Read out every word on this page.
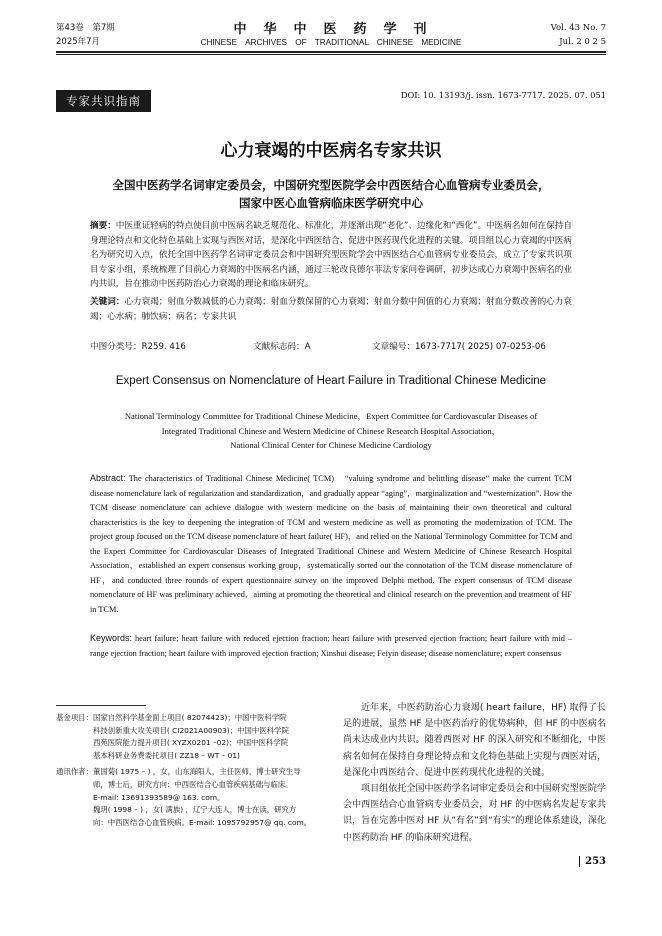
第43卷　第7期
2025年7月
中　华　中　医　药　学　刊
CHINESE　ARCHIVES　OF　TRADITIONAL　CHINESE　MEDICINE
Vol. 43 No. 7
Jul. 2 0 2 5
专家共识指南	DOI: 10. 13193/j. issn. 1673-7717. 2025. 07. 051
心力衰竭的中医病名专家共识
全国中医药学名词审定委员会，中国研究型医院学会中西医结合心血管病专业委员会，
国家中医心血管病临床医学研究中心
摘要：中医重证轻病的特点使目前中医病名缺乏规范化、标准化，并逐渐出现“老化”、边缘化和“西化”。中医病名如何在保持自身理论特点和文化特色基础上实现与西医对话，是深化中西医结合、促进中医药现代化进程的关键。项目组以心力衰竭的中医病名为研究切入点，依托全国中医药学名词审定委员会和中国研究型医院学会中西医结合心血管病专业委员会，成立了专家共识项目专家小组，系统梳理了目前心力衰竭的中医病名内涵，通过三轮改良德尔菲法专家问卷调研，初步达成心力衰竭中医病名的业内共识，旨在推动中医药防治心力衰竭的理论和临床研究。
关键词：心力衰竭；射血分数减低的心力衰竭；射血分数保留的心力衰竭；射血分数中间值的心力衰竭；射血分数改善的心力衰竭；心水病；肺饮病；病名；专家共识
中图分类号：R259. 416	文献标志码：A	文章编号：1673-7717( 2025) 07-0253-06
Expert Consensus on Nomenclature of Heart Failure in Traditional Chinese Medicine
National Terminology Committee for Traditional Chinese Medicine，Expert Committee for Cardiovascular Diseases of
Integrated Traditional Chinese and Western Medicine of Chinese Research Hospital Association，
National Clinical Center for Chinese Medicine Cardiology
Abstract: The characteristics of Traditional Chinese Medicine( TCM)　“valuing syndrome and belittling disease” make the current TCM disease nomenclature lack of regularization and standardization，and gradually appear “aging”，marginalization and “westernization”. How the TCM disease nomenclature can achieve dialogue with western medicine on the basis of maintaining their own theoretical and cultural characteristics is the key to deepening the integration of TCM and western medicine as well as promoting the modernization of TCM. The project group focused on the TCM disease nomenclature of heart failure( HF)，and relied on the National Terminology Committee for TCM and the Expert Committee for Cardiovascular Diseases of Integrated Traditional Chinese and Western Medicine of Chinese Research Hospital Association，established an expert consensus working group，systematically sorted out the connotation of the TCM disease nomenclature of HF，and conducted three rounds of expert questionnaire survey on the improved Delphi method. The expert consensus of TCM disease nomenclature of HF was preliminary achieved，aiming at promoting the theoretical and clinical research on the prevention and treatment of HF in TCM.
Keywords: heart failure; heart failure with reduced ejection fraction; heart failure with preserved ejection fraction; heart failure with mid – range ejection fraction; heart failure with improved ejection fraction; Xinshui disease; Feiyin disease; disease nomenclature; expert consensus
基金项目： 国家自然科学基金面上项目( 82074423)；中国中医科学院
科技创新重大攻关项目( CI2021A00903)；中国中医科学院
西苑医院能力提升项目( XYZX0201 –02)；中国中医科学院
基本科研业务费委托项目( ZZ18 – WT – 01)
通讯作者： 董国菊( 1975 – ) ，女，山东海阳人，主任医师，博士研究生导
师，博士后，研究方向：中西医结合心血管疾病基础与临床。
E-mail: 13691393589@ 163. com。
魏玥( 1998 – ) ，女( 满族) ，辽宁大连人，博士在读，研究方
向：中西医结合心血管疾病。E-mail: 1095792957@ qq. com。

近年来，中医药防治心力衰竭( heart failure，HF) 取得了长足的进展，虽然 HF 是中医药治疗的优势病种，但 HF 的中医病名尚未达成业内共识。随着西医对 HF 的深入研究和不断细化，中医病名如何在保持自身理论特点和文化特色基础上实现与西医对话，是深化中西医结合、促进中医药现代化进程的关键。

项目组依托全国中医药学名词审定委员会和中国研究型医院学会中西医结合心血管病专业委员会，对 HF 的中医病名发起专家共识，旨在完善中医对 HF 从“有名”到“有实”的理论体系建设，深化中医药防治 HF 的临床研究进程。

253
